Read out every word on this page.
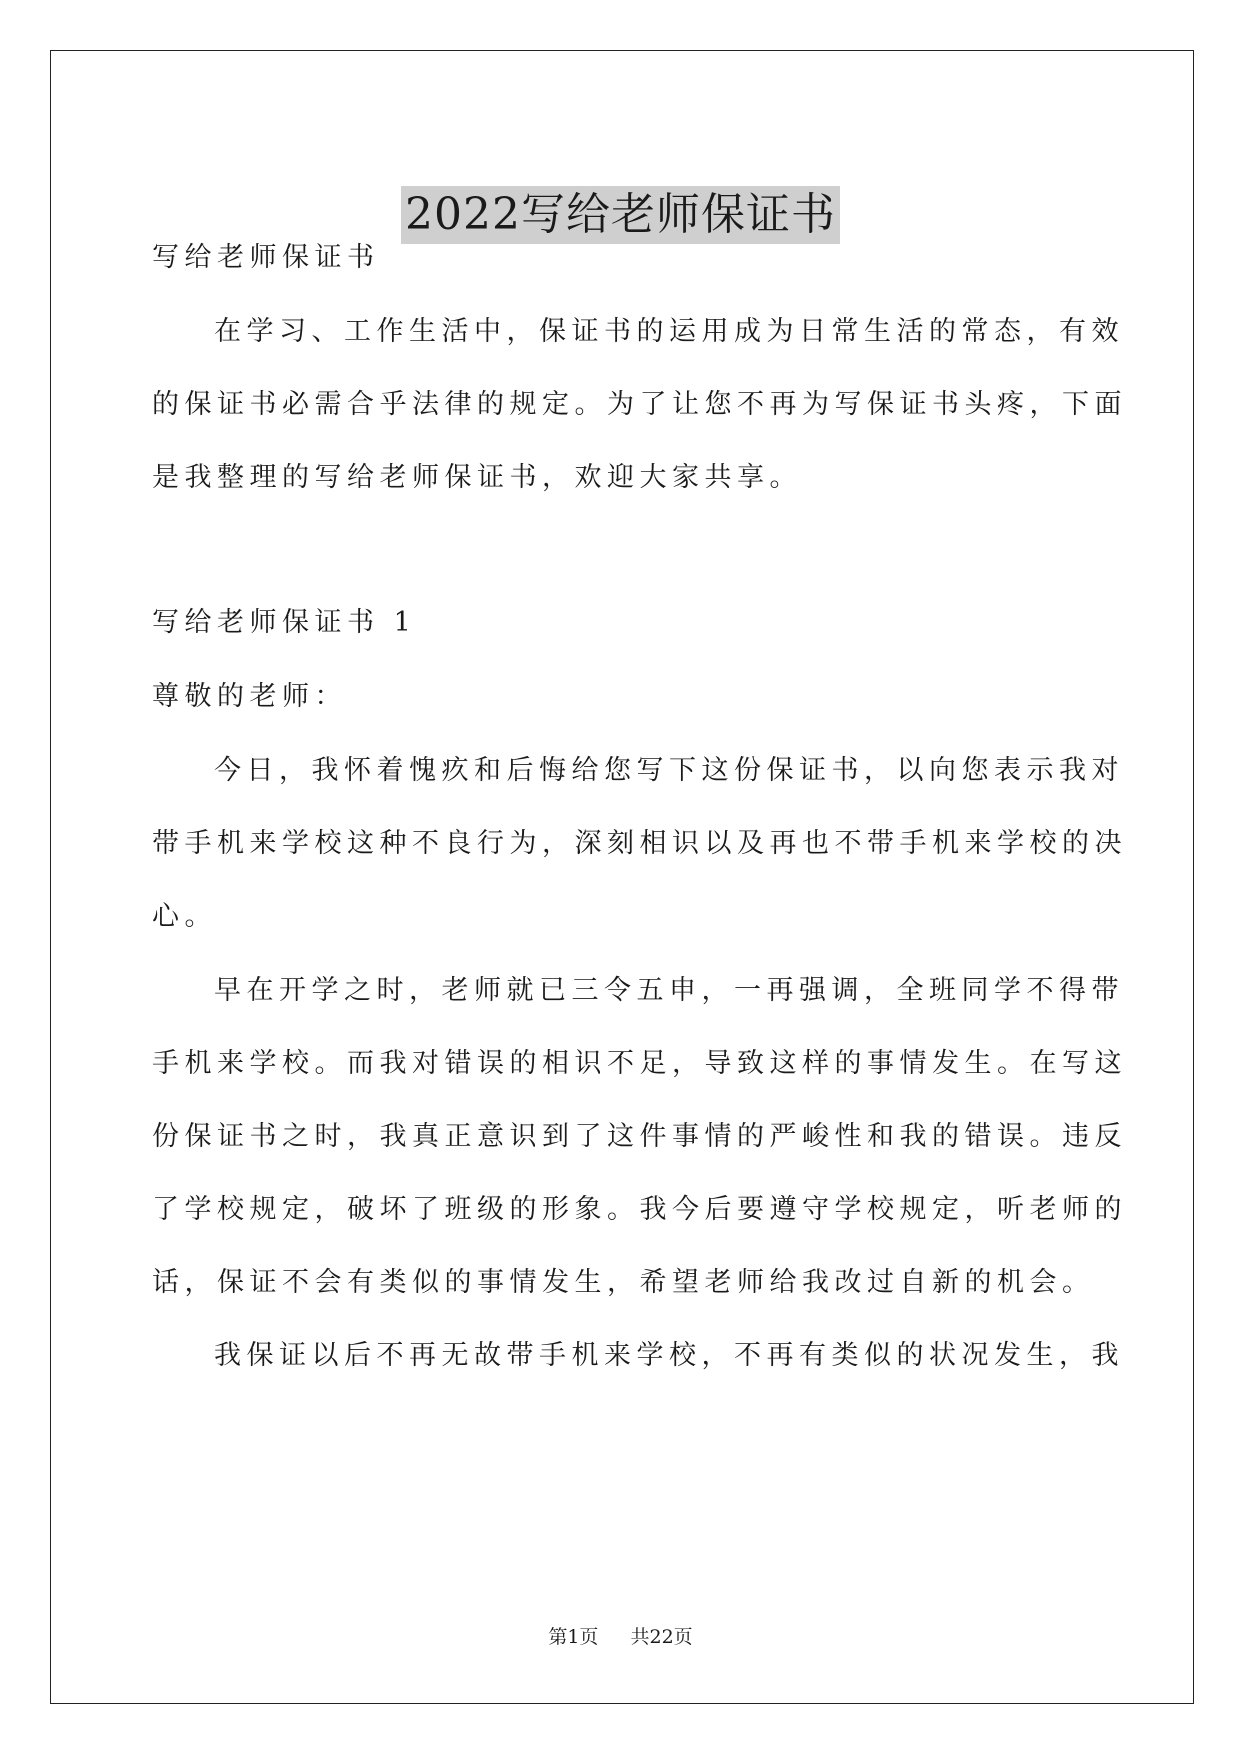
2022写给老师保证书

写给老师保证书

在学习、工作生活中，保证书的运用成为日常生活的常态，有效
的保证书必需合乎法律的规定。为了让您不再为写保证书头疼，下面
是我整理的写给老师保证书，欢迎大家共享。

写给老师保证书 1

尊敬的老师：

今日，我怀着愧疚和后悔给您写下这份保证书，以向您表示我对
带手机来学校这种不良行为，深刻相识以及再也不带手机来学校的决
心。

早在开学之时，老师就已三令五申，一再强调，全班同学不得带
手机来学校。而我对错误的相识不足，导致这样的事情发生。在写这
份保证书之时，我真正意识到了这件事情的严峻性和我的错误。违反
了学校规定，破坏了班级的形象。我今后要遵守学校规定，听老师的
话，保证不会有类似的事情发生，希望老师给我改过自新的机会。

我保证以后不再无故带手机来学校，不再有类似的状况发生，我

第1页 共22页
